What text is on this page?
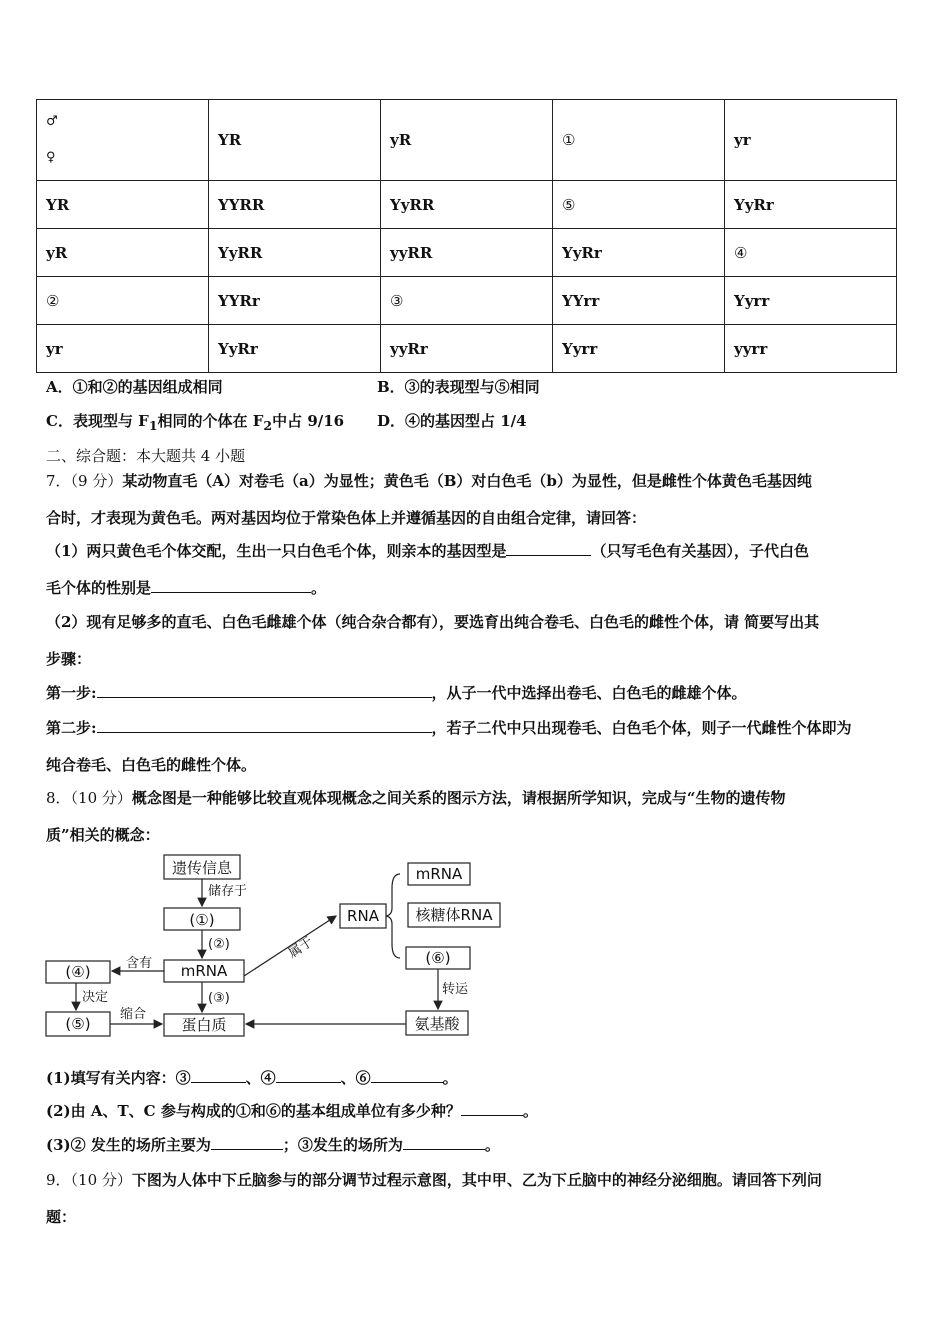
♂
♀	YR	yR	①	yr
YR	YYRR	YyRR	⑤	YyRr
yR	YyRR	yyRR	YyRr	④
②	YYRr	③	YYrr	Yyrr
yr	YyRr	yyRr	Yyrr	yyrr
A．①和②的基因组成相同	B．③的表现型与⑤相同
C．表现型与 $F_1$相同的个体在 $F_2$中占 9/16 D．④的基因型占 1/4
二、综合题：本大题共 4 小题
7．（9 分）某动物直毛（A）对卷毛（a）为显性；黄色毛（B）对白色毛（b）为显性，但是雌性个体黄色毛基因纯
合时，才表现为黄色毛。两对基因均位于常染色体上并遵循基因的自由组合定律，请回答：
（1）两只黄色毛个体交配，生出一只白色毛个体，则亲本的基因型是	（只写毛色有关基因），子代白色
毛个体的性别是	。
（2）现有足够多的直毛、白色毛雌雄个体（纯合杂合都有），要选育出纯合卷毛、白色毛的雌性个体，请 简要写出其
步骤：
第一步:	，从子一代中选择出卷毛、白色毛的雌雄个体。
第二步:	，若子二代中只出现卷毛、白色毛个体，则子一代雌性个体即为
纯合卷毛、白色毛的雌性个体。
8．（10 分）概念图是一种能够比较直观体现概念之间关系的图示方法，请根据所学知识，完成与“生物的遗传物
质”相关的概念：
遗传信息
(①)
mRNA
(④)
(⑤)	蛋白质
RNA
mRNA
核糖体RNA
(⑥)
氨基酸
储存于
(②)
(③)
含有
决定
缩合
属于
转运
(1)填写有关内容：③	、④	、⑥	。
(2)由 A、T、C 参与构成的①和⑥的基本组成单位有多少种？	。
(3)② 发生的场所主要为	；③发生的场所为	。
9．（10 分）下图为人体中下丘脑参与的部分调节过程示意图，其中甲、乙为下丘脑中的神经分泌细胞。请回答下列问
题：
